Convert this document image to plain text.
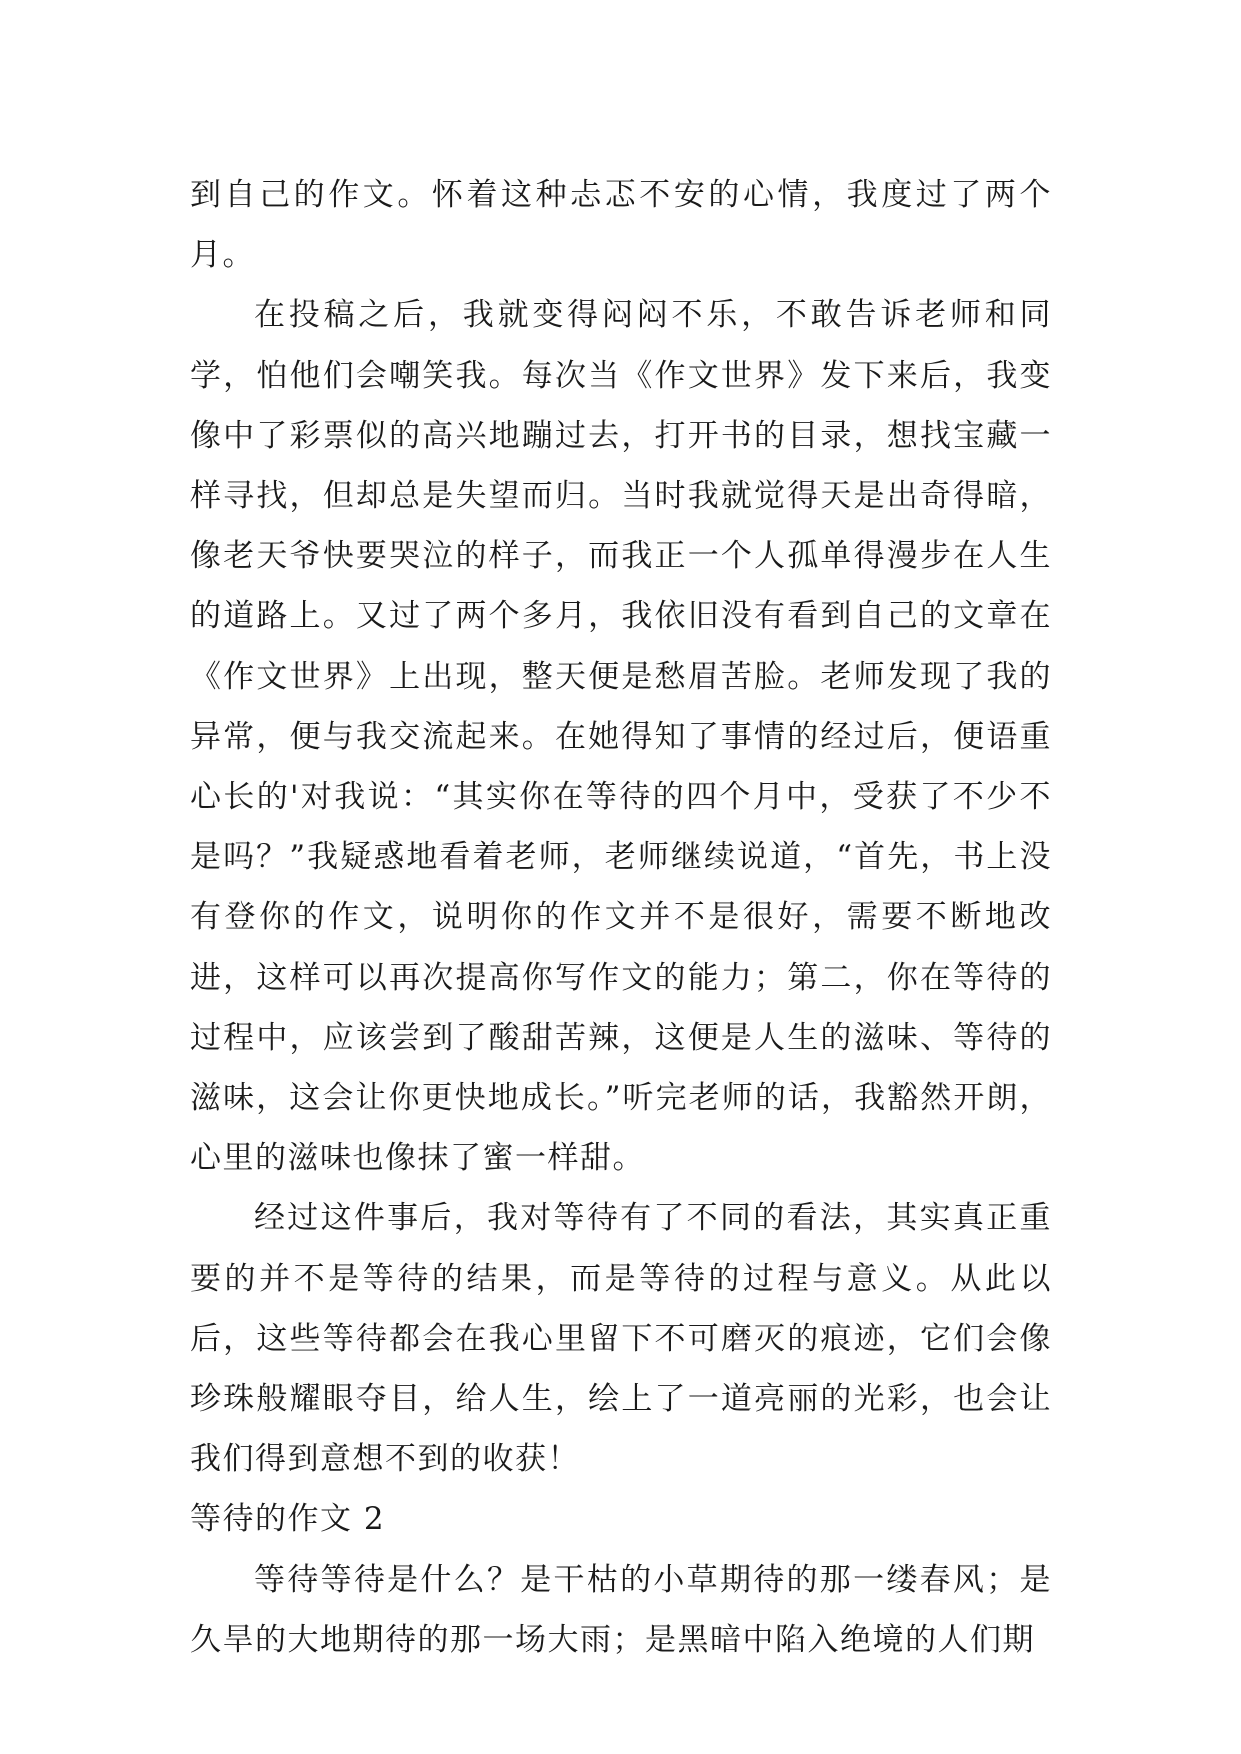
到自己的作文。怀着这种忐忑不安的心情，我度过了两个月。

在投稿之后，我就变得闷闷不乐，不敢告诉老师和同学，怕他们会嘲笑我。每次当《作文世界》发下来后，我变像中了彩票似的高兴地蹦过去，打开书的目录，想找宝藏一样寻找，但却总是失望而归。当时我就觉得天是出奇得暗，像老天爷快要哭泣的样子，而我正一个人孤单得漫步在人生的道路上。又过了两个多月，我依旧没有看到自己的文章在《作文世界》上出现，整天便是愁眉苦脸。老师发现了我的异常，便与我交流起来。在她得知了事情的经过后，便语重心长的'对我说：“其实你在等待的四个月中，受获了不少不是吗？”我疑惑地看着老师，老师继续说道，“首先，书上没有登你的作文，说明你的作文并不是很好，需要不断地改进，这样可以再次提高你写作文的能力；第二，你在等待的过程中，应该尝到了酸甜苦辣，这便是人生的滋味、等待的滋味，这会让你更快地成长。”听完老师的话，我豁然开朗，心里的滋味也像抹了蜜一样甜。

经过这件事后，我对等待有了不同的看法，其实真正重要的并不是等待的结果，而是等待的过程与意义。从此以后，这些等待都会在我心里留下不可磨灭的痕迹，它们会像珍珠般耀眼夺目，给人生，绘上了一道亮丽的光彩，也会让我们得到意想不到的收获！

等待的作文 2

等待等待是什么？是干枯的小草期待的那一缕春风；是久旱的大地期待的那一场大雨；是黑暗中陷入绝境的人们期
